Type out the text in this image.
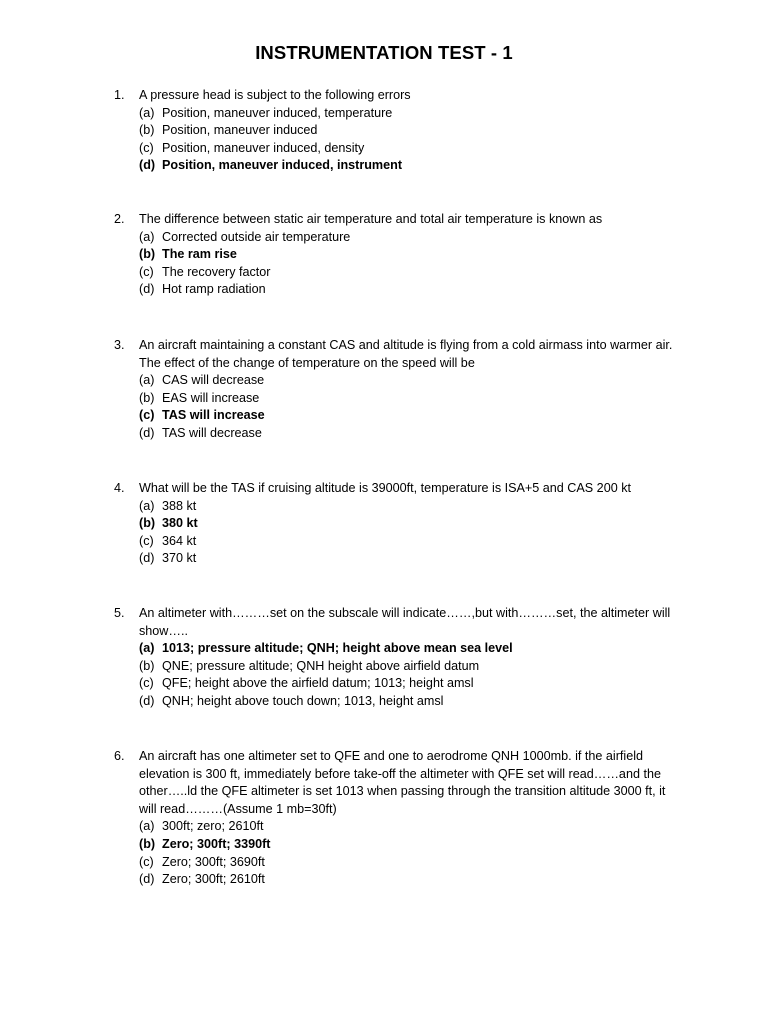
INSTRUMENTATION TEST - 1
1. A pressure head is subject to the following errors
(a) Position, maneuver induced, temperature
(b) Position, maneuver induced
(c) Position, maneuver induced, density
(d) Position, maneuver induced, instrument
2. The difference between static air temperature and total air temperature is known as
(a) Corrected outside air temperature
(b) The ram rise
(c) The recovery factor
(d) Hot ramp radiation
3. An aircraft maintaining a constant CAS and altitude is flying from a cold airmass into warmer air. The effect of the change of temperature on the speed will be
(a) CAS will decrease
(b) EAS will increase
(c) TAS will increase
(d) TAS will decrease
4. What will be the TAS if cruising altitude is 39000ft, temperature is ISA+5 and CAS 200 kt
(a) 388 kt
(b) 380 kt
(c) 364 kt
(d) 370 kt
5. An altimeter with………set on the subscale will indicate……,but with………set, the altimeter will show…..
(a) 1013; pressure altitude; QNH; height above mean sea level
(b) QNE; pressure altitude; QNH height above airfield datum
(c) QFE; height above the airfield datum; 1013; height amsl
(d) QNH; height above touch down; 1013, height amsl
6. An aircraft has one altimeter set to QFE and one to aerodrome QNH 1000mb. if the airfield elevation is 300 ft, immediately before take-off the altimeter with QFE set will read……and the other…..ld the QFE altimeter is set 1013 when passing through the transition altitude 3000 ft, it will read………(Assume 1 mb=30ft)
(a) 300ft; zero; 2610ft
(b) Zero; 300ft; 3390ft
(c) Zero; 300ft; 3690ft
(d) Zero; 300ft; 2610ft
